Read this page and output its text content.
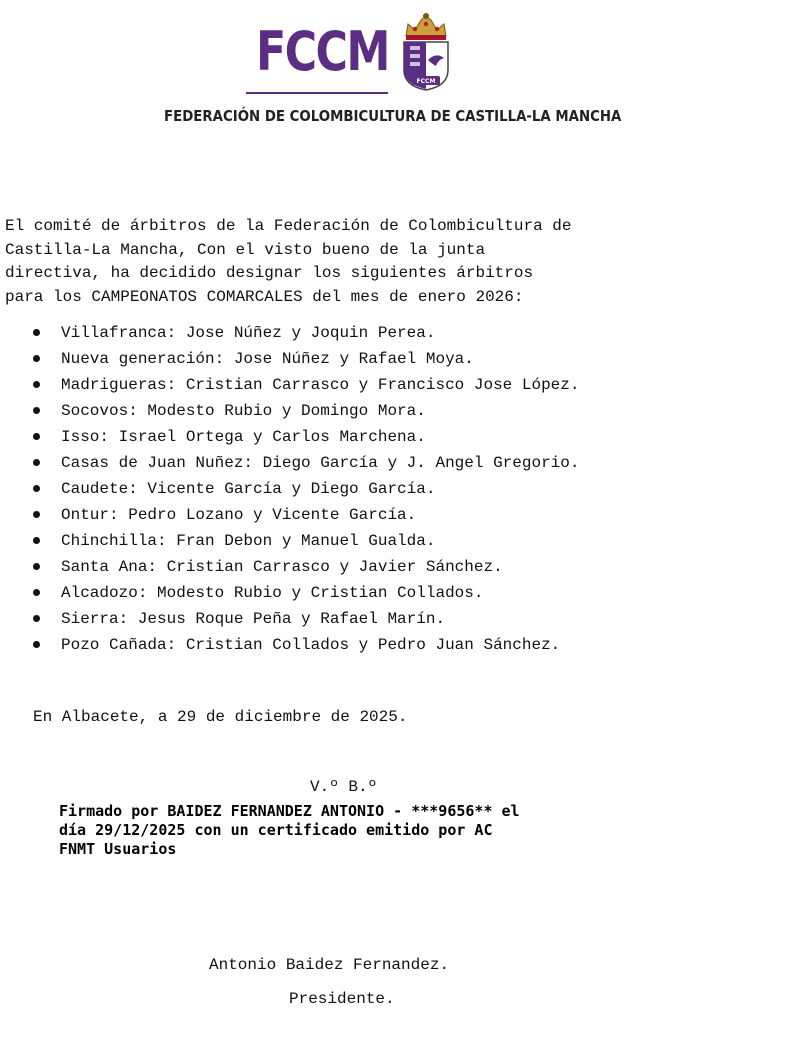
FCCM	FCCM
FEDERACIÓN DE COLOMBICULTURA DE CASTILLA-LA MANCHA
El comité de árbitros de la Federación de Colombicultura de
Castilla-La Mancha, Con el visto bueno de la junta
directiva, ha decidido designar los siguientes árbitros
para los CAMPEONATOS COMARCALES del mes de enero 2026:
Villafranca: Jose Núñez y Joquin Perea.
Nueva generación: Jose Núñez y Rafael Moya.
Madrigueras: Cristian Carrasco y Francisco Jose López.
Socovos: Modesto Rubio y Domingo Mora.
Isso: Israel Ortega y Carlos Marchena.
Casas de Juan Nuñez: Diego García y J. Angel Gregorio.
Caudete: Vicente García y Diego García.
Ontur: Pedro Lozano y Vicente García.
Chinchilla: Fran Debon y Manuel Gualda.
Santa Ana: Cristian Carrasco y Javier Sánchez.
Alcadozo: Modesto Rubio y Cristian Collados.
Sierra: Jesus Roque Peña y Rafael Marín.
Pozo Cañada: Cristian Collados y Pedro Juan Sánchez.
En Albacete, a 29 de diciembre de 2025.
V.º B.º
Firmado por BAIDEZ FERNANDEZ ANTONIO - ***9656** el
día 29/12/2025 con un certificado emitido por AC
FNMT Usuarios
Antonio Baidez Fernandez.
Presidente.
